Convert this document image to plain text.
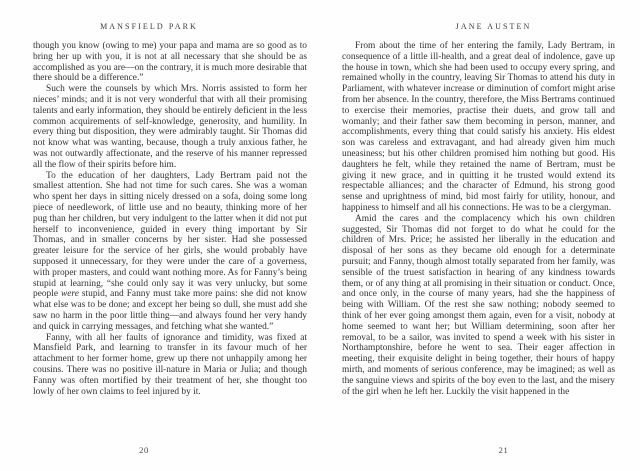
MANSFIELD PARK

though you know (owing to me) your papa and mama are so good as to bring her up with you, it is not at all necessary that she should be as accomplished as you are—on the contrary, it is much more desirable that there should be a difference.”

Such were the counsels by which Mrs. Norris assisted to form her nieces’ minds; and it is not very wonderful that with all their promising talents and early information, they should be entirely deficient in the less common acquirements of self-knowledge, generosity, and humility. In every thing but disposition, they were admirably taught. Sir Thomas did not know what was wanting, because, though a truly anxious father, he was not outwardly affectionate, and the reserve of his manner repressed all the flow of their spirits before him.

To the education of her daughters, Lady Bertram paid not the smallest attention. She had not time for such cares. She was a woman who spent her days in sitting nicely dressed on a sofa, doing some long piece of needlework, of little use and no beauty, thinking more of her pug than her children, but very indulgent to the latter when it did not put herself to inconvenience, guided in every thing important by Sir Thomas, and in smaller concerns by her sister. Had she possessed greater leisure for the service of her girls, she would probably have supposed it unnecessary, for they were under the care of a governess, with proper masters, and could want nothing more. As for Fanny’s being stupid at learning, “she could only say it was very unlucky, but some people were stupid, and Fanny must take more pains: she did not know what else was to be done; and except her being so dull, she must add she saw no harm in the poor little thing—and always found her very handy and quick in carrying messages, and fetching what she wanted.”

Fanny, with all her faults of ignorance and timidity, was fixed at Mansfield Park, and learning to transfer in its favour much of her attachment to her former home, grew up there not unhappily among her cousins. There was no positive ill-nature in Maria or Julia; and though Fanny was often mortified by their treatment of her, she thought too lowly of her own claims to feel injured by it.

20
JANE AUSTEN

From about the time of her entering the family, Lady Bertram, in consequence of a little ill-health, and a great deal of indolence, gave up the house in town, which she had been used to occupy every spring, and remained wholly in the country, leaving Sir Thomas to attend his duty in Parliament, with whatever increase or diminution of comfort might arise from her absence. In the country, therefore, the Miss Bertrams continued to exercise their memories, practise their duets, and grow tall and womanly; and their father saw them becoming in person, manner, and accomplishments, every thing that could satisfy his anxiety. His eldest son was careless and extravagant, and had already given him much uneasiness; but his other children promised him nothing but good. His daughters he felt, while they retained the name of Bertram, must be giving it new grace, and in quitting it he trusted would extend its respectable alliances; and the character of Edmund, his strong good sense and uprightness of mind, bid most fairly for utility, honour, and happiness to himself and all his connections. He was to be a clergyman.

Amid the cares and the complacency which his own children suggested, Sir Thomas did not forget to do what he could for the children of Mrs. Price; he assisted her liberally in the education and disposal of her sons as they became old enough for a determinate pursuit; and Fanny, though almost totally separated from her family, was sensible of the truest satisfaction in hearing of any kindness towards them, or of any thing at all promising in their situation or conduct. Once, and once only, in the course of many years, had she the happiness of being with William. Of the rest she saw nothing; nobody seemed to think of her ever going amongst them again, even for a visit, nobody at home seemed to want her; but William determining, soon after her removal, to be a sailor, was invited to spend a week with his sister in Northamptonshire, before he went to sea. Their eager affection in meeting, their exquisite delight in being together, their hours of happy mirth, and moments of serious conference, may be imagined; as well as the sanguine views and spirits of the boy even to the last, and the misery of the girl when he left her. Luckily the visit happened in the

21
